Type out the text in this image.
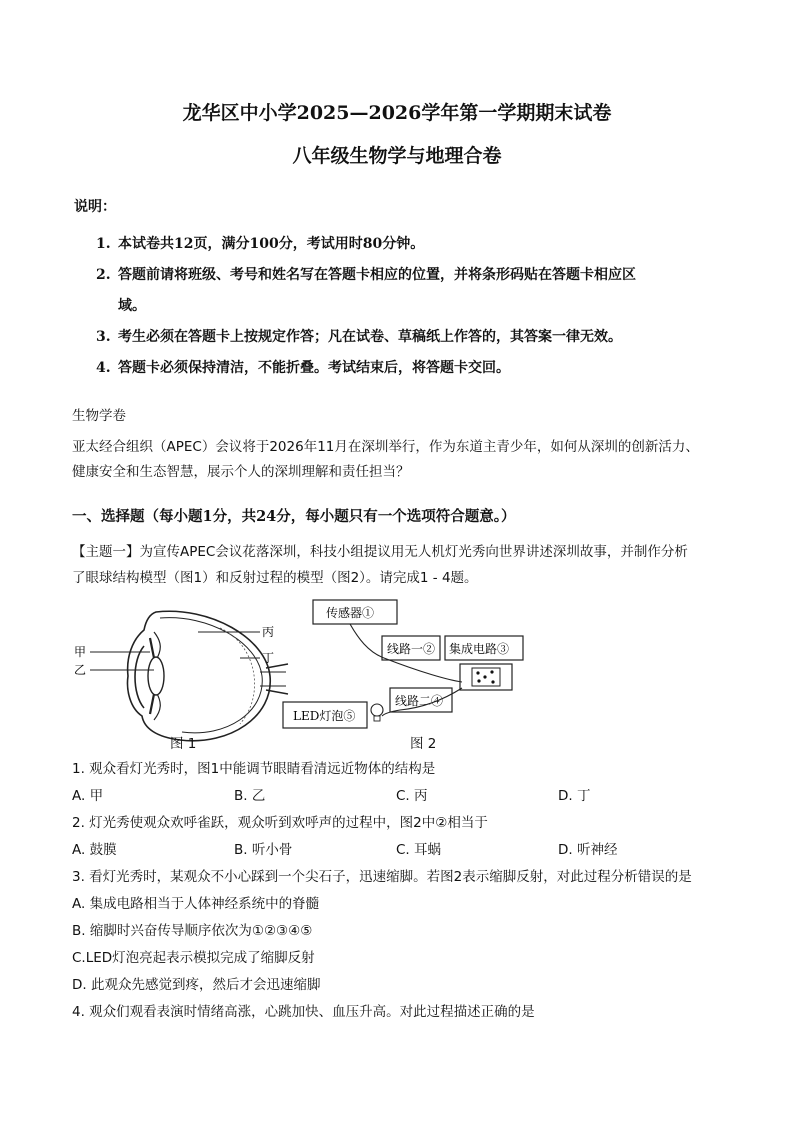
龙华区中小学2025—2026学年第一学期期末试卷
八年级生物学与地理合卷
说明：
1. 本试卷共12页，满分100分，考试用时80分钟。
2. 答题前请将班级、考号和姓名写在答题卡相应的位置，并将条形码贴在答题卡相应区
域。
3. 考生必须在答题卡上按规定作答；凡在试卷、草稿纸上作答的，其答案一律无效。
4. 答题卡必须保持清洁，不能折叠。考试结束后，将答题卡交回。
生物学卷
亚太经合组织（APEC）会议将于2026年11月在深圳举行，作为东道主青少年，如何从深圳的创新活力、
健康安全和生态智慧，展示个人的深圳理解和责任担当？
一、选择题（每小题1分，共24分，每小题只有一个选项符合题意。）
【主题一】为宣传APEC会议花落深圳，科技小组提议用无人机灯光秀向世界讲述深圳故事，并制作分析
了眼球结构模型（图1）和反射过程的模型（图2）。请完成1 - 4题。
甲
乙
丙
丁
图 1
传感器①
线路一② 集成电路③
线路二④
LED灯泡⑤
图 2
1. 观众看灯光秀时，图1中能调节眼睛看清远近物体的结构是
A. 甲	B. 乙	C. 丙	D. 丁
2. 灯光秀使观众欢呼雀跃，观众听到欢呼声的过程中，图2中②相当于
A. 鼓膜	B. 听小骨	C. 耳蜗	D. 听神经
3. 看灯光秀时，某观众不小心踩到一个尖石子，迅速缩脚。若图2表示缩脚反射，对此过程分析错误的是
A. 集成电路相当于人体神经系统中的脊髓
B. 缩脚时兴奋传导顺序依次为①②③④⑤
C.LED灯泡亮起表示模拟完成了缩脚反射
D. 此观众先感觉到疼，然后才会迅速缩脚
4. 观众们观看表演时情绪高涨，心跳加快、血压升高。对此过程描述正确的是
